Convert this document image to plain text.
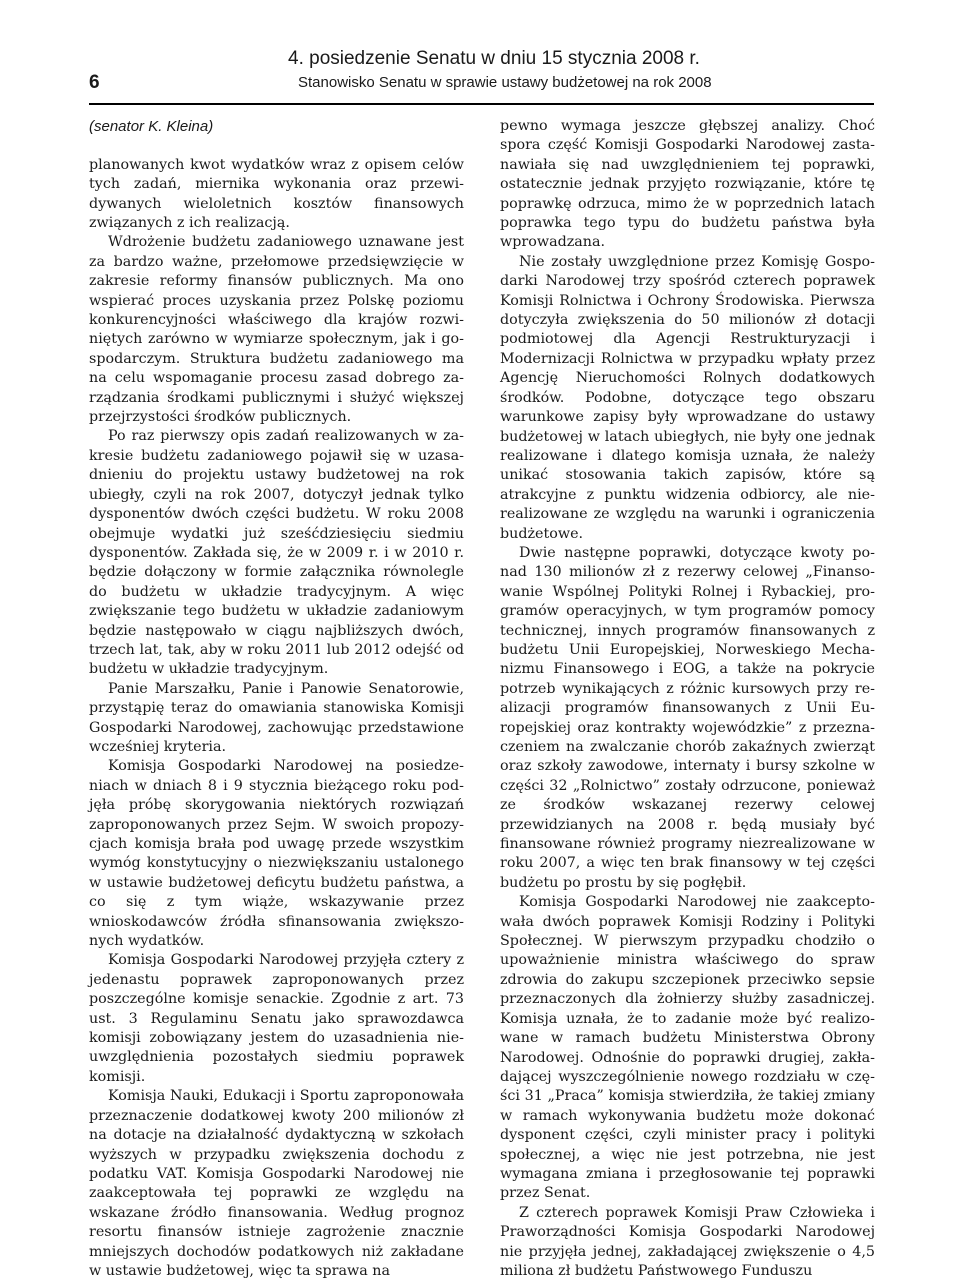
6
4. posiedzenie Senatu w dniu 15 stycznia 2008 r.
Stanowisko Senatu w sprawie ustawy budżetowej na rok 2008
(senator K. Kleina)

planowanych kwot wydatków wraz z opisem celów tych zadań, miernika wykonania oraz przewidywanych wieloletnich kosztów finansowych związanych z ich realizacją.

Wdrożenie budżetu zadaniowego uznawane jest za bardzo ważne, przełomowe przedsięwzięcie w zakresie reformy finansów publicznych. Ma ono wspierać proces uzyskania przez Polskę poziomu konkurencyjności właściwego dla krajów rozwiniętych zarówno w wymiarze społecznym, jak i gospodarczym. Struktura budżetu zadaniowego ma na celu wspomaganie procesu zasad dobrego zarządzania środkami publicznymi i służyć większej przejrzystości środków publicznych.

Po raz pierwszy opis zadań realizowanych w zakresie budżetu zadaniowego pojawił się w uzasadnieniu do projektu ustawy budżetowej na rok ubiegły, czyli na rok 2007, dotyczył jednak tylko dysponentów dwóch części budżetu. W roku 2008 obejmuje wydatki już sześćdziesięciu siedmiu dysponentów. Zakłada się, że w 2009 r. i w 2010 r. będzie dołączony w formie załącznika równolegle do budżetu w układzie tradycyjnym. A więc zwiększanie tego budżetu w układzie zadaniowym będzie następowało w ciągu najbliższych dwóch, trzech lat, tak, aby w roku 2011 lub 2012 odejść od budżetu w układzie tradycyjnym.

Panie Marszałku, Panie i Panowie Senatorowie, przystąpię teraz do omawiania stanowiska Komisji Gospodarki Narodowej, zachowując przedstawione wcześniej kryteria.

Komisja Gospodarki Narodowej na posiedzeniach w dniach 8 i 9 stycznia bieżącego roku podjęła próbę skorygowania niektórych rozwiązań zaproponowanych przez Sejm. W swoich propozycjach komisja brała pod uwagę przede wszystkim wymóg konstytucyjny o niezwiększaniu ustalonego w ustawie budżetowej deficytu budżetu państwa, a co się z tym wiąże, wskazywanie przez wnioskodawców źródła sfinansowania zwiększonych wydatków.

Komisja Gospodarki Narodowej przyjęła cztery z jedenastu poprawek zaproponowanych przez poszczególne komisje senackie. Zgodnie z art. 73 ust. 3 Regulaminu Senatu jako sprawozdawca komisji zobowiązany jestem do uzasadnienia nieuwzględnienia pozostałych siedmiu poprawek komisji.

Komisja Nauki, Edukacji i Sportu zaproponowała przeznaczenie dodatkowej kwoty 200 milionów zł na dotacje na działalność dydaktyczną w szkołach wyższych w przypadku zwiększenia dochodu z podatku VAT. Komisja Gospodarki Narodowej nie zaakceptowała tej poprawki ze względu na wskazane źródło finansowania. Według prognoz resortu finansów istnieje zagrożenie znacznie mniejszych dochodów podatkowych niż zakładane w ustawie budżetowej, więc ta sprawa na

pewno wymaga jeszcze głębszej analizy. Choć spora część Komisji Gospodarki Narodowej zastanawiała się nad uwzględnieniem tej poprawki, ostatecznie jednak przyjęto rozwiązanie, które tę poprawkę odrzuca, mimo że w poprzednich latach poprawka tego typu do budżetu państwa była wprowadzana.

Nie zostały uwzględnione przez Komisję Gospodarki Narodowej trzy spośród czterech poprawek Komisji Rolnictwa i Ochrony Środowiska. Pierwsza dotyczyła zwiększenia do 50 milionów zł dotacji podmiotowej dla Agencji Restrukturyzacji i Modernizacji Rolnictwa w przypadku wpłaty przez Agencję Nieruchomości Rolnych dodatkowych środków. Podobne, dotyczące tego obszaru warunkowe zapisy były wprowadzane do ustawy budżetowej w latach ubiegłych, nie były one jednak realizowane i dlatego komisja uznała, że należy unikać stosowania takich zapisów, które są atrakcyjne z punktu widzenia odbiorcy, ale nierealizowane ze względu na warunki i ograniczenia budżetowe.

Dwie następne poprawki, dotyczące kwoty ponad 130 milionów zł z rezerwy celowej „Finansowanie Wspólnej Polityki Rolnej i Rybackiej, programów operacyjnych, w tym programów pomocy technicznej, innych programów finansowanych z budżetu Unii Europejskiej, Norweskiego Mechanizmu Finansowego i EOG, a także na pokrycie potrzeb wynikających z różnic kursowych przy realizacji programów finansowanych z Unii Europejskiej oraz kontrakty wojewódzkie” z przeznaczeniem na zwalczanie chorób zakaźnych zwierząt oraz szkoły zawodowe, internaty i bursy szkolne w części 32 „Rolnictwo” zostały odrzucone, ponieważ ze środków wskazanej rezerwy celowej przewidzianych na 2008 r. będą musiały być finansowane również programy niezrealizowane w roku 2007, a więc ten brak finansowy w tej części budżetu po prostu by się pogłębił.

Komisja Gospodarki Narodowej nie zaakceptowała dwóch poprawek Komisji Rodziny i Polityki Społecznej. W pierwszym przypadku chodziło o upoważnienie ministra właściwego do spraw zdrowia do zakupu szczepionek przeciwko sepsie przeznaczonych dla żołnierzy służby zasadniczej. Komisja uznała, że to zadanie może być realizowane w ramach budżetu Ministerstwa Obrony Narodowej. Odnośnie do poprawki drugiej, zakładającej wyszczególnienie nowego rozdziału w części 31 „Praca” komisja stwierdziła, że takiej zmiany w ramach wykonywania budżetu może dokonać dysponent części, czyli minister pracy i polityki społecznej, a więc nie jest potrzebna, nie jest wymagana zmiana i przegłosowanie tej poprawki przez Senat.

Z czterech poprawek Komisji Praw Człowieka i Praworządności Komisja Gospodarki Narodowej nie przyjęła jednej, zakładającej zwiększenie o 4,5 miliona zł budżetu Państwowego Funduszu
